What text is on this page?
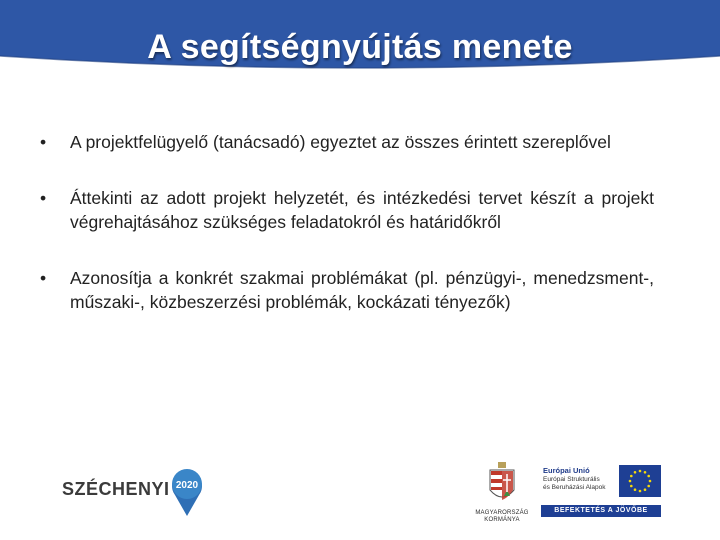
A segítségnyújtás menete
•	A projektfelügyelő (tanácsadó) egyeztet az összes érintett szereplővel
•	Áttekinti az adott projekt helyzetét, és intézkedési tervet készít a projekt végrehajtásához szükséges feladatokról és határidőkről
•	Azonosítja a konkrét szakmai problémákat (pl. pénzügyi-, menedzsment-, műszaki-, közbeszerzési problémák, kockázati tényezők)
SZÉCHENYI 2020
MAGYARORSZÁG
KORMÁNYA
Európai Unió
Európai Strukturális
és Beruházási Alapok
BEFEKTETÉS A JÖVŐBE
